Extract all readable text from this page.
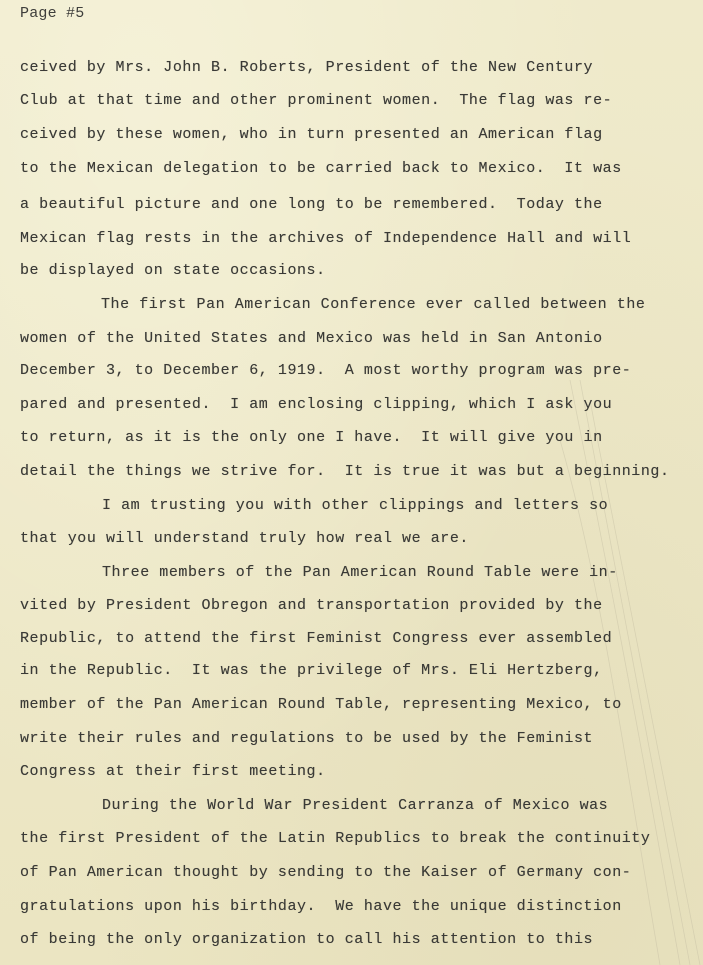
Page #5
ceived by Mrs. John B. Roberts, President of the New Century
Club at that time and other prominent women.  The flag was re-
ceived by these women, who in turn presented an American flag
to the Mexican delegation to be carried back to Mexico.  It was
a beautiful picture and one long to be remembered.  Today the
Mexican flag rests in the archives of Independence Hall and will
be displayed on state occasions.
The first Pan American Conference ever called between the
women of the United States and Mexico was held in San Antonio
December 3, to December 6, 1919.  A most worthy program was pre-
pared and presented.  I am enclosing clipping, which I ask you
to return, as it is the only one I have.  It will give you in
detail the things we strive for.  It is true it was but a beginning.
I am trusting you with other clippings and letters so
that you will understand truly how real we are.
Three members of the Pan American Round Table were in-
vited by President Obregon and transportation provided by the
Republic, to attend the first Feminist Congress ever assembled
in the Republic.  It was the privilege of Mrs. Eli Hertzberg,
member of the Pan American Round Table, representing Mexico, to
write their rules and regulations to be used by the Feminist
Congress at their first meeting.
During the World War President Carranza of Mexico was
the first President of the Latin Republics to break the continuity
of Pan American thought by sending to the Kaiser of Germany con-
gratulations upon his birthday.  We have the unique distinction
of being the only organization to call his attention to this
